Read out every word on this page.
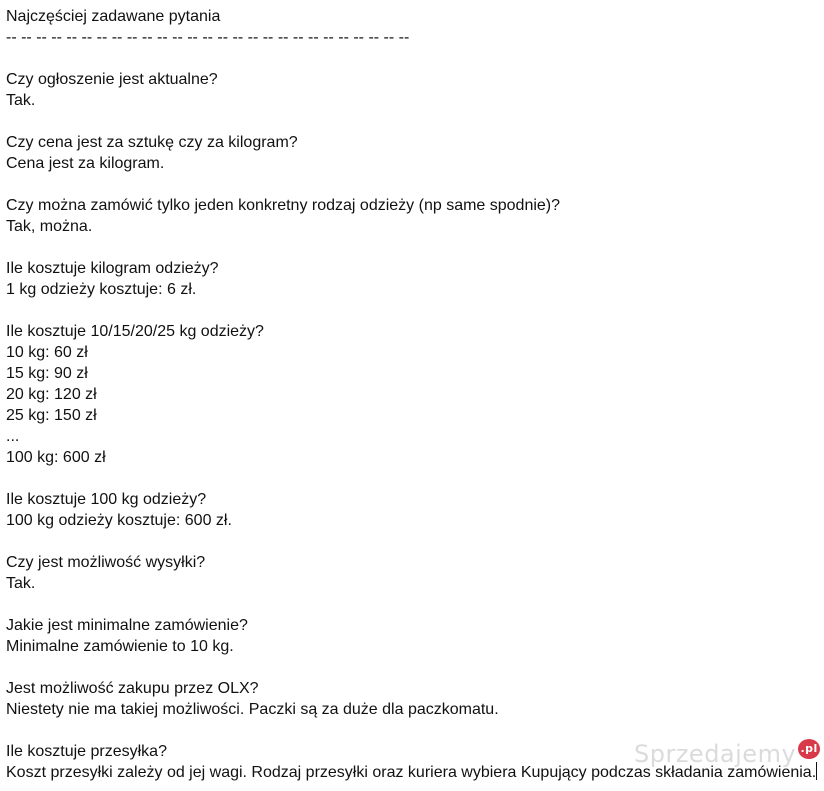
Najczęściej zadawane pytania
-- -- -- -- -- -- -- -- -- -- -- -- -- -- -- -- -- -- -- -- -- -- -- -- -- -- --
Czy ogłoszenie jest aktualne?
Tak.
Czy cena jest za sztukę czy za kilogram?
Cena jest za kilogram.
Czy można zamówić tylko jeden konkretny rodzaj odzieży (np same spodnie)?
Tak, można.
Ile kosztuje kilogram odzieży?
1 kg odzieży kosztuje: 6 zł.
Ile kosztuje 10/15/20/25 kg odzieży?
10 kg: 60 zł
15 kg: 90 zł
20 kg: 120 zł
25 kg: 150 zł
...
100 kg: 600 zł
Ile kosztuje 100 kg odzieży?
100 kg odzieży kosztuje: 600 zł.
Czy jest możliwość wysyłki?
Tak.
Jakie jest minimalne zamówienie?
Minimalne zamówienie to 10 kg.
Jest możliwość zakupu przez OLX?
Niestety nie ma takiej możliwości. Paczki są za duże dla paczkomatu.
Ile kosztuje przesyłka?
Koszt przesyłki zależy od jej wagi. Rodzaj przesyłki oraz kuriera wybiera Kupujący podczas składania zamówienia.
Sprzedajemy .pl
